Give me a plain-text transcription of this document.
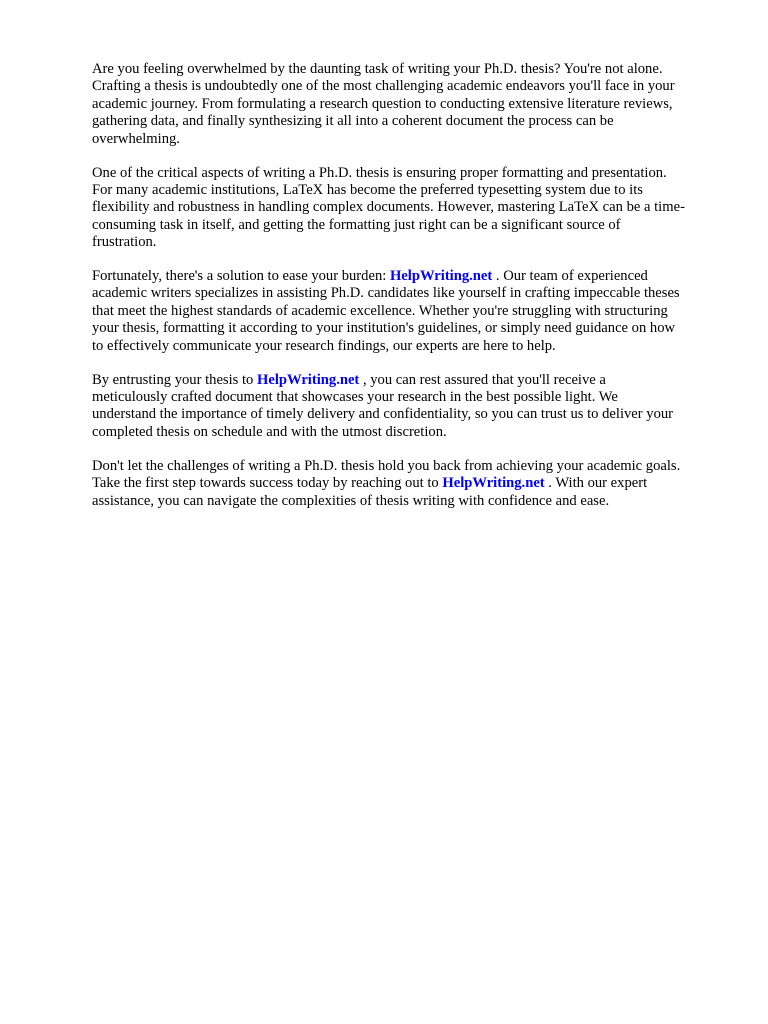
Are you feeling overwhelmed by the daunting task of writing your Ph.D. thesis? You're not alone.
Crafting a thesis is undoubtedly one of the most challenging academic endeavors you'll face in your
academic journey. From formulating a research question to conducting extensive literature reviews,
gathering data, and finally synthesizing it all into a coherent document the process can be
overwhelming.

One of the critical aspects of writing a Ph.D. thesis is ensuring proper formatting and presentation.
For many academic institutions, LaTeX has become the preferred typesetting system due to its
flexibility and robustness in handling complex documents. However, mastering LaTeX can be a time-
consuming task in itself, and getting the formatting just right can be a significant source of
frustration.

Fortunately, there's a solution to ease your burden: HelpWriting.net . Our team of experienced
academic writers specializes in assisting Ph.D. candidates like yourself in crafting impeccable theses
that meet the highest standards of academic excellence. Whether you're struggling with structuring
your thesis, formatting it according to your institution's guidelines, or simply need guidance on how
to effectively communicate your research findings, our experts are here to help.

By entrusting your thesis to HelpWriting.net , you can rest assured that you'll receive a
meticulously crafted document that showcases your research in the best possible light. We
understand the importance of timely delivery and confidentiality, so you can trust us to deliver your
completed thesis on schedule and with the utmost discretion.

Don't let the challenges of writing a Ph.D. thesis hold you back from achieving your academic goals.
Take the first step towards success today by reaching out to HelpWriting.net . With our expert
assistance, you can navigate the complexities of thesis writing with confidence and ease.
